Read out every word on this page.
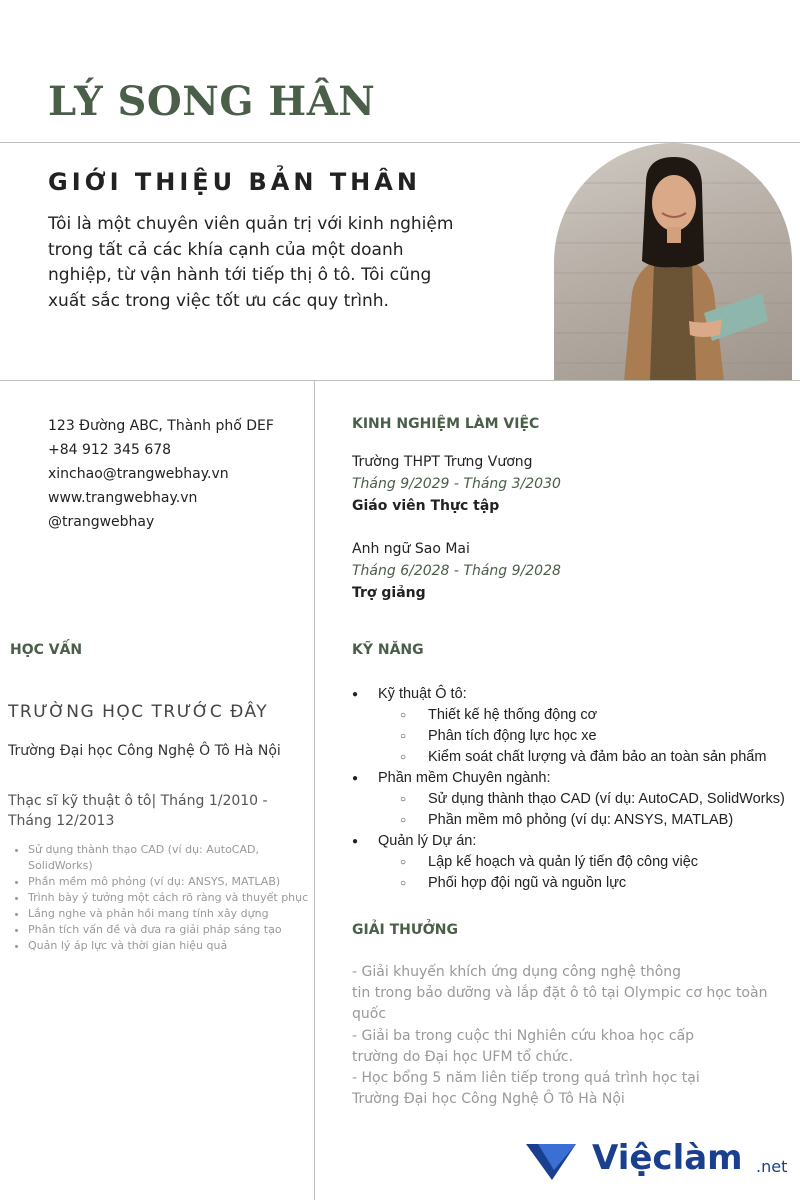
LÝ SONG HÂN
GIỚI THIỆU BẢN THÂN

Tôi là một chuyên viên quản trị với kinh nghiệm trong tất cả các khía cạnh của một doanh nghiệp, từ vận hành tới tiếp thị ô tô. Tôi cũng xuất sắc trong việc tốt ưu các quy trình.

123 Đường ABC, Thành phố DEF
+84 912 345 678
xinchao@trangwebhay.vn
www.trangwebhay.vn
@trangwebhay
HỌC VẤN
TRƯỜNG HỌC TRƯỚC ĐÂY

Trường Đại học Công Nghệ Ô Tô Hà Nội

Thạc sĩ kỹ thuật ô tô| Tháng 1/2010 - Tháng 12/2013

• Sử dụng thành thạo CAD (ví dụ: AutoCAD, SolidWorks)
• Phần mềm mô phỏng (ví dụ: ANSYS, MATLAB)
• Trình bày ý tưởng một cách rõ ràng và thuyết phục
• Lắng nghe và phản hồi mang tính xây dựng
• Phân tích vấn đề và đưa ra giải pháp sáng tạo
• Quản lý áp lực và thời gian hiệu quả
KINH NGHIỆM LÀM VIỆC
Trường THPT Trưng Vương
Tháng 9/2029 - Tháng 3/2030
Giáo viên Thực tập
Anh ngữ Sao Mai
Tháng 6/2028 - Tháng 9/2028
Trợ giảng
KỸ NĂNG
● Kỹ thuật Ô tô:
○ Thiết kế hệ thống động cơ
○ Phân tích động lực học xe
○ Kiểm soát chất lượng và đảm bảo an toàn sản phẩm
● Phần mềm Chuyên ngành:
○ Sử dụng thành thạo CAD (ví dụ: AutoCAD, SolidWorks)
○ Phần mềm mô phỏng (ví dụ: ANSYS, MATLAB)
● Quản lý Dự án:
○ Lập kế hoạch và quản lý tiến độ công việc
○ Phối hợp đội ngũ và nguồn lực
GIẢI THƯỞNG
- Giải khuyến khích ứng dụng công nghệ thông
tin trong bảo dưỡng và lắp đặt ô tô tại Olympic cơ học toàn
quốc
- Giải ba trong cuộc thi Nghiên cứu khoa học cấp
trường do Đại học UFM tổ chức.
- Học bổng 5 năm liên tiếp trong quá trình học tại
Trường Đại học Công Nghệ Ô Tô Hà Nội
Việclàm .net
